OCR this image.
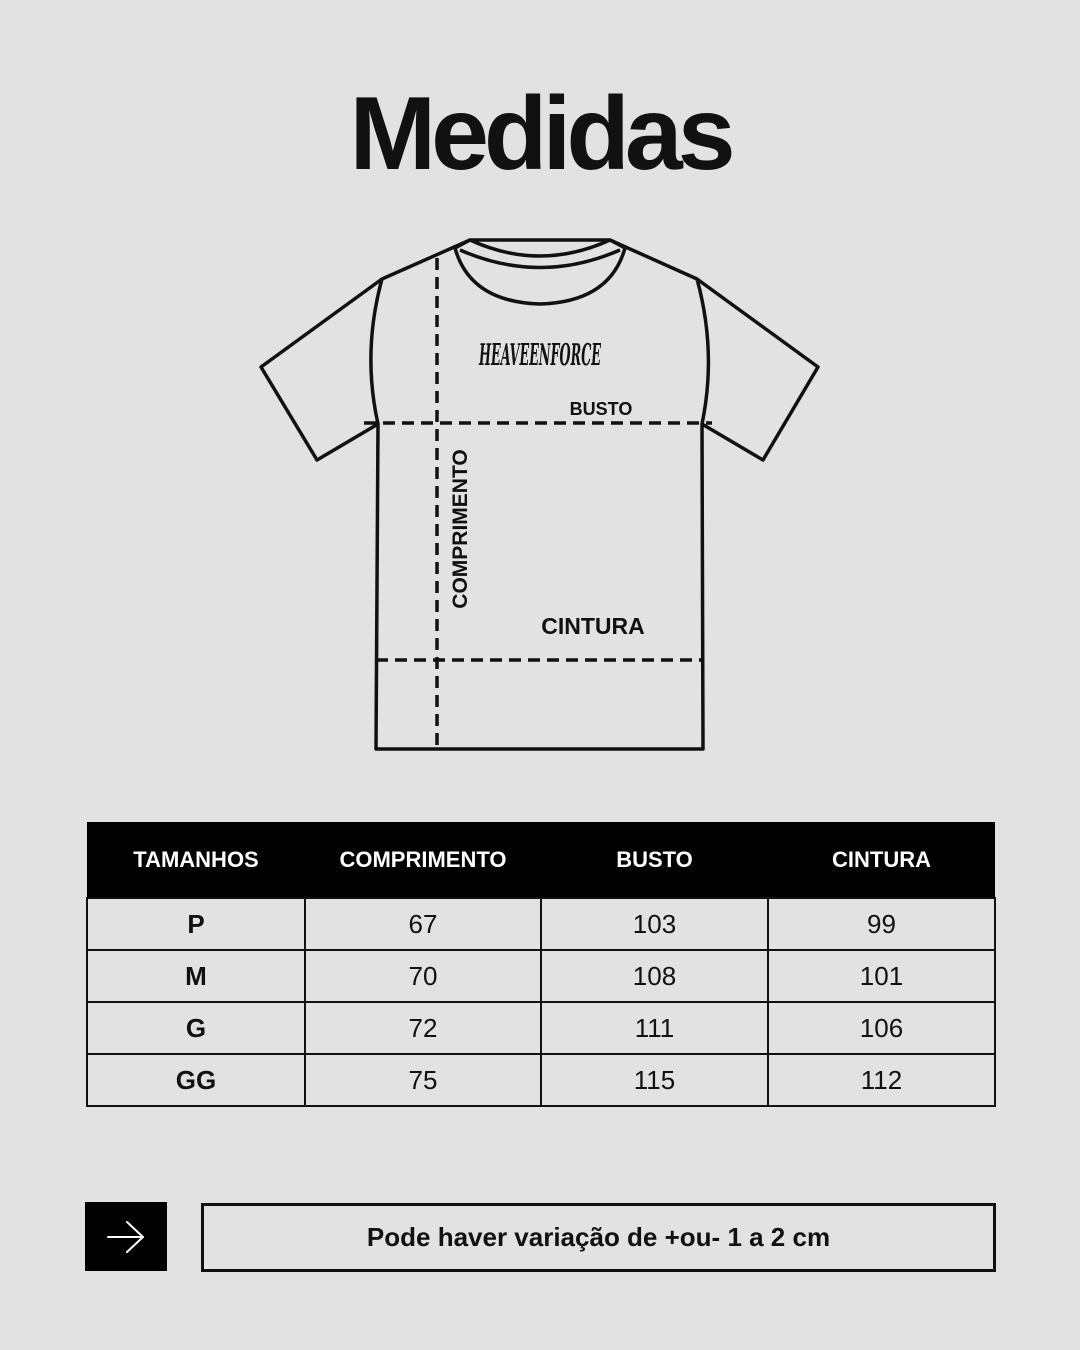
Medidas
HEAVEENFORCE
BUSTO
COMPRIMENTO
CINTURA
TAMANHOS	COMPRIMENTO	BUSTO	CINTURA
P	67	103	99
M	70	108	101
G	72	111	106
GG	75	115	112
Pode haver variação de +ou- 1 a 2 cm
